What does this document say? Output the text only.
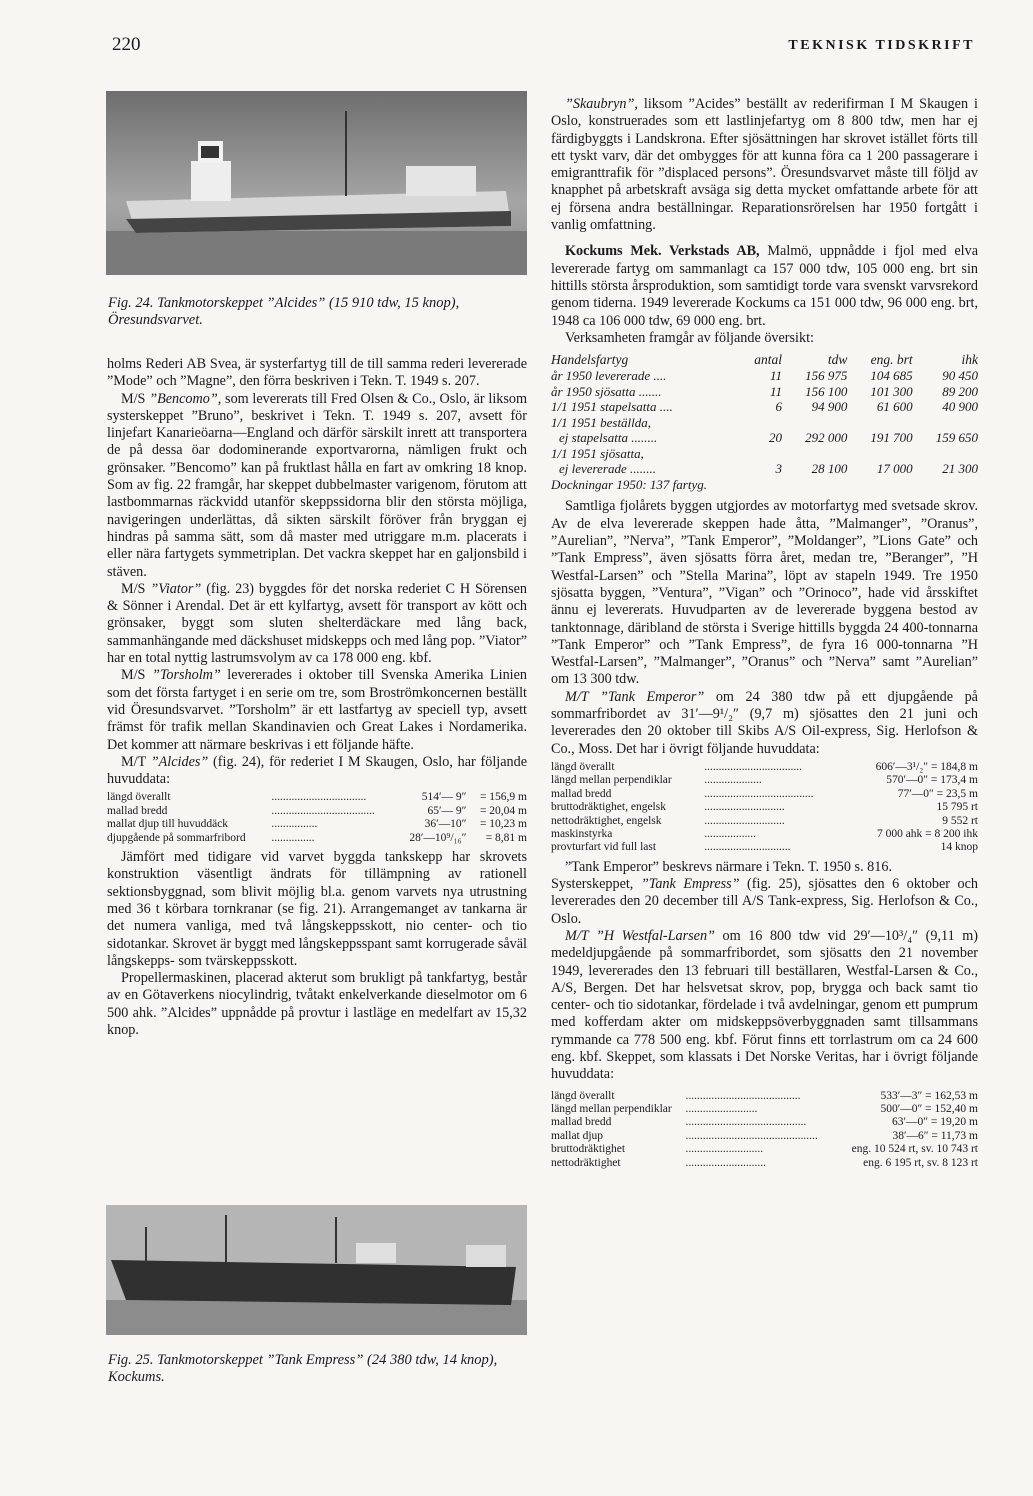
220	TEKNISK TIDSKRIFT
Fig. 24. Tankmotorskeppet ”Alcides” (15 910 tdw, 15 knop), Öresundsvarvet.

holms Rederi AB Svea, är systerfartyg till de till samma rederi levererade ”Mode” och ”Magne”, den förra beskriven i Tekn. T. 1949 s. 207.

M/S ”Bencomo”, som levererats till Fred Olsen & Co., Oslo, är liksom systerskeppet ”Bruno”, beskrivet i Tekn. T. 1949 s. 207, avsett för linjefart Kanarieöarna—England och därför särskilt inrett att transportera de på dessa öar dodominerande exportvarorna, nämligen frukt och grönsaker. ”Bencomo” kan på fruktlast hålla en fart av omkring 18 knop. Som av fig. 22 framgår, har skeppet dubbelmaster varigenom, förutom att lastbommarnas räckvidd utanför skeppssidorna blir den största möjliga, navigeringen underlättas, då sikten särskilt föröver från bryggan ej hindras på samma sätt, som då master med utriggare m.m. placerats i eller nära fartygets symmetriplan. Det vackra skeppet har en galjonsbild i stäven.

M/S ”Viator” (fig. 23) byggdes för det norska rederiet C H Sörensen & Sönner i Arendal. Det är ett kylfartyg, avsett för transport av kött och grönsaker, byggt som sluten shelterdäckare med lång back, sammanhängande med däckshuset midskepps och med lång pop. ”Viator” har en total nyttig lastrumsvolym av ca 178 000 eng. kbf.

M/S ”Torsholm” levererades i oktober till Svenska Amerika Linien som det första fartyget i en serie om tre, som Broströmkoncernen beställt vid Öresundsvarvet. ”Torsholm” är ett lastfartyg av speciell typ, avsett främst för trafik mellan Skandinavien och Great Lakes i Nordamerika. Det kommer att närmare beskrivas i ett följande häfte.

M/T ”Alcides” (fig. 24), för rederiet I M Skaugen, Oslo, har följande huvuddata:

längd överallt	.................................	514′— 9″	= 156,9 m
mallad bredd	....................................	65′— 9″	= 20,04 m
mallat djup till huvuddäck	................	36′—10″	= 10,23 m
djupgående på sommarfribord	...............	28′—10⁹/₁₆″	= 8,81 m

Jämfört med tidigare vid varvet byggda tankskepp har skrovets konstruktion väsentligt ändrats för tillämpning av rationell sektionsbyggnad, som blivit möjlig bl.a. genom varvets nya utrustning med 36 t körbara tornkranar (se fig. 21). Arrangemanget av tankarna är det numera vanliga, med två långskeppsskott, nio center- och tio sidotankar. Skrovet är byggt med långskeppsspant samt korrugerade såväl långskepps- som tvärskeppsskott.

Propellermaskinen, placerad akterut som brukligt på tankfartyg, består av en Götaverkens niocylindrig, tvåtakt enkelverkande dieselmotor om 6 500 ahk. ”Alcides” uppnådde på provtur i lastläge en medelfart av 15,32 knop.

Fig. 25. Tankmotorskeppet ”Tank Empress” (24 380 tdw, 14 knop), Kockums.

”Skaubryn”, liksom ”Acides” beställt av rederifirman I M Skaugen i Oslo, konstruerades som ett lastlinjefartyg om 8 800 tdw, men har ej färdigbyggts i Landskrona. Efter sjösättningen har skrovet istället förts till ett tyskt varv, där det ombygges för att kunna föra ca 1 200 passagerare i emigranttrafik för ”displaced persons”. Öresundsvarvet måste till följd av knapphet på arbetskraft avsäga sig detta mycket omfattande arbete för att ej försena andra beställningar. Reparationsrörelsen har 1950 fortgått i vanlig omfattning.

Kockums Mek. Verkstads AB, Malmö, uppnådde i fjol med elva levererade fartyg om sammanlagt ca 157 000 tdw, 105 000 eng. brt sin hittills största årsproduktion, som samtidigt torde vara svenskt varvsrekord genom tiderna. 1949 levererade Kockums ca 151 000 tdw, 96 000 eng. brt, 1948 ca 106 000 tdw, 69 000 eng. brt.

Verksamheten framgår av följande översikt:

Handelsfartyg	antal	tdw	eng. brt	ihk
år 1950 levererade ....	11	156 975	104 685	90 450
år 1950 sjösatta .......	11	156 100	101 300	89 200
1/1 1951 stapelsatta ....	6	94 900	61 600	40 900
1/1 1951 beställda,				
ej stapelsatta ........	20	292 000	191 700	159 650
1/1 1951 sjösatta,				
ej levererade ........	3	28 100	17 000	21 300
Dockningar 1950: 137 fartyg.				

Samtliga fjolårets byggen utgjordes av motorfartyg med svetsade skrov. Av de elva levererade skeppen hade åtta, ”Malmanger”, ”Oranus”, ”Aurelian”, ”Nerva”, ”Tank Emperor”, ”Moldanger”, ”Lions Gate” och ”Tank Empress”, även sjösatts förra året, medan tre, ”Beranger”, ”H Westfal-Larsen” och ”Stella Marina”, löpt av stapeln 1949. Tre 1950 sjösatta byggen, ”Ventura”, ”Vigan” och ”Orinoco”, hade vid årsskiftet ännu ej levererats. Huvudparten av de levererade byggena bestod av tanktonnage, däribland de största i Sverige hittills byggda 24 400-tonnarna ”Tank Emperor” och ”Tank Empress”, de fyra 16 000-tonnarna ”H Westfal-Larsen”, ”Malmanger”, ”Oranus” och ”Nerva” samt ”Aurelian” om 13 300 tdw.

M/T ”Tank Emperor” om 24 380 tdw på ett djupgående på sommarfribordet av 31′—9¹/₂″ (9,7 m) sjösattes den 21 juni och levererades den 20 oktober till Skibs A/S Oil-express, Sig. Herlofson & Co., Moss. Det har i övrigt följande huvuddata:

längd överallt	..................................	606′—3¹/₂″ = 184,8 m
längd mellan perpendiklar	....................	570′—0″ = 173,4 m
mallad bredd	......................................	77′—0″ = 23,5 m
bruttodräktighet, engelsk	............................	15 795 rt
nettodräktighet, engelsk	............................	9 552 rt
maskinstyrka	..................	7 000 ahk = 8 200 ihk
provturfart vid full last	..............................	14 knop

”Tank Emperor” beskrevs närmare i Tekn. T. 1950 s. 816.

Systerskeppet, ”Tank Empress” (fig. 25), sjösattes den 6 oktober och levererades den 20 december till A/S Tank-express, Sig. Herlofson & Co., Oslo.

M/T ”H Westfal-Larsen” om 16 800 tdw vid 29′—10³/₄″ (9,11 m) medeldjupgående på sommarfribordet, som sjösatts den 21 november 1949, levererades den 13 februari till beställaren, Westfal-Larsen & Co., A/S, Bergen. Det har helsvetsat skrov, pop, brygga och back samt tio center- och tio sidotankar, fördelade i två avdelningar, genom ett pumprum med kofferdam akter om midskeppsöverbyggnaden samt tillsammans rymmande ca 778 500 eng. kbf. Förut finns ett torrlastrum om ca 24 600 eng. kbf. Skeppet, som klassats i Det Norske Veritas, har i övrigt följande huvuddata:

längd överallt	........................................	533′—3″ = 162,53 m
längd mellan perpendiklar	.........................	500′—0″ = 152,40 m
mallad bredd	..........................................	63′—0″ = 19,20 m
mallat djup	..............................................	38′—6″ = 11,73 m
bruttodräktighet	...........................	eng. 10 524 rt, sv. 10 743 rt
nettodräktighet	............................	eng. 6 195 rt, sv. 8 123 rt
